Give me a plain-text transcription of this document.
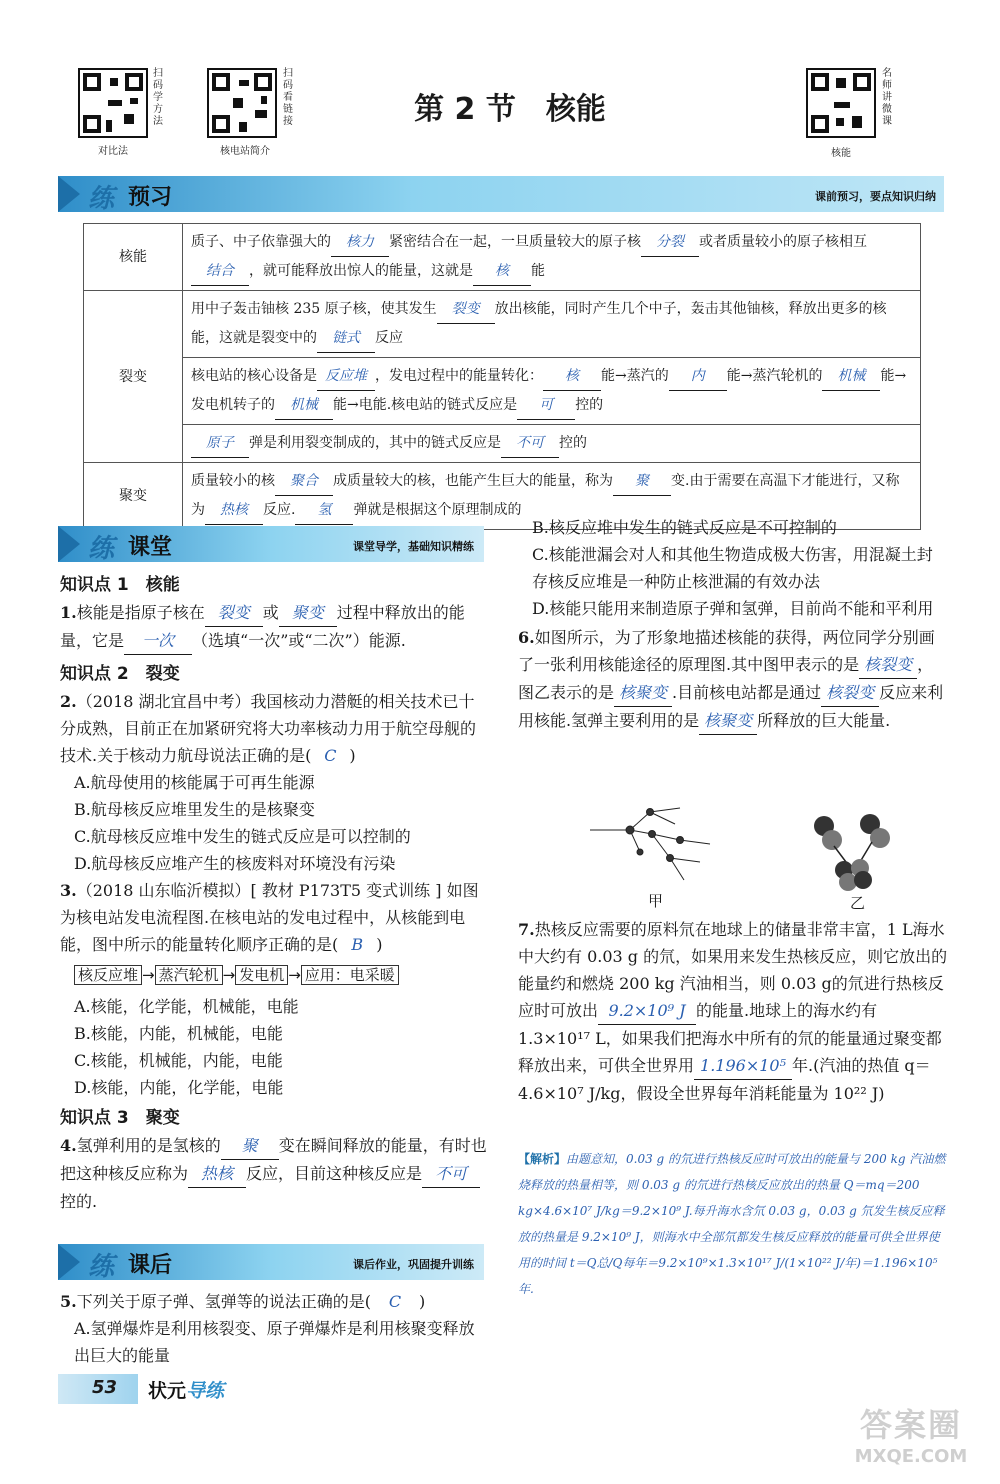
扫码学方法
对比法
扫码看链接
核电站简介
第 2 节　核能
名师讲微课
核能
练 预习	课前预习，要点知识归纳
核能	质子、中子依靠强大的 核力 紧密结合在一起，一旦质量较大的原子核 分裂 或者质量较小的原子核相互结合 ，就可能释放出惊人的能量，这就是 核 能
裂变	用中子轰击铀核 235 原子核，使其发生 裂变 放出核能，同时产生几个中子，轰击其他铀核，释放出更多的核能，这就是裂变中的 链式 反应
	核电站的核心设备是 反应堆 ，发电过程中的能量转化： 核 能→蒸汽的 内 能→蒸汽轮机的 机械 能→发电机转子的 机械 能→电能.核电站的链式反应是 可 控的
	原子 弹是利用裂变制成的，其中的链式反应是 不可 控的
聚变	质量较小的核 聚合 成质量较大的核，也能产生巨大的能量，称为 聚 变.由于需要在高温下才能进行，又称为 热核 反应. 氢 弹就是根据这个原理制成的
练 课堂	课堂导学，基础知识精练
知识点 1　核能
1.核能是指原子核在 裂变 或 聚变 过程中释放出的能量，它是 一次 （选填“一次”或“二次”）能源.
知识点 2　裂变
2.（2018 湖北宜昌中考）我国核动力潜艇的相关技术已十分成熟，目前正在加紧研究将大功率核动力用于航空母舰的技术.关于核动力航母说法正确的是( C )
A.航母使用的核能属于可再生能源
B.航母核反应堆里发生的是核聚变
C.航母核反应堆中发生的链式反应是可以控制的
D.航母核反应堆产生的核废料对环境没有污染
3.（2018 山东临沂模拟）[ 教材 P173T5 变式训练 ] 如图为核电站发电流程图.在核电站的发电过程中，从核能到电能，图中所示的能量转化顺序正确的是( B )
核反应堆 → 蒸汽轮机 → 发电机 → 应用：电采暖
A.核能，化学能，机械能，电能
B.核能，内能，机械能，电能
C.核能，机械能，内能，电能
D.核能，内能，化学能，电能
知识点 3　聚变
4.氢弹利用的是氢核的 聚 变在瞬间释放的能量，有时也把这种核反应称为 热核 反应，目前这种核反应是 不可控的.
练 课后	课后作业，巩固提升训练
5.下列关于原子弹、氢弹等的说法正确的是( C )
A.氢弹爆炸是利用核裂变、原子弹爆炸是利用核聚变释放出巨大的能量
B.核反应堆中发生的链式反应是不可控制的
C.核能泄漏会对人和其他生物造成极大伤害，用混凝土封存核反应堆是一种防止核泄漏的有效办法
D.核能只能用来制造原子弹和氢弹，目前尚不能和平利用
6.如图所示，为了形象地描述核能的获得，两位同学分别画了一张利用核能途径的原理图.其中图甲表示的是 核裂变 ，图乙表示的是 核聚变 .目前核电站都是通过 核裂变 反应来利用核能.氢弹主要利用的是 核聚变 所释放的巨大能量.
甲	乙
7.热核反应需要的原料氘在地球上的储量非常丰富，1 L海水中大约有 0.03 g 的氘，如果用来发生热核反应，则它放出的能量约和燃烧 200 kg 汽油相当，则 0.03 g的氘进行热核反应时可放出 9.2×10⁹ J 的能量.地球上的海水约有 1.3×10¹⁷ L，如果我们把海水中所有的氘的能量通过聚变都释放出来，可供全世界用 1.196×10⁵ 年.(汽油的热值 q＝4.6×10⁷ J/kg，假设全世界每年消耗能量为 10²² J)
【解析】由题意知，0.03 g 的氘进行热核反应时可放出的能量与 200 kg 汽油燃烧释放的热量相等，则 0.03 g 的氘进行热核反应放出的热量 Q＝mq＝200 kg×4.6×10⁷ J/kg＝9.2×10⁹ J.每升海水含氘 0.03 g，0.03 g 氘发生核反应释放的热量是 9.2×10⁹ J，则海水中全部氘都发生核反应释放的能量可供全世界使用的时间 t＝Q总/Q每年＝9.2×10⁹×1.3×10¹⁷ J/(1×10²² J/年)＝1.196×10⁵ 年.
53 状元导练
答案圈
MXQE.COM
